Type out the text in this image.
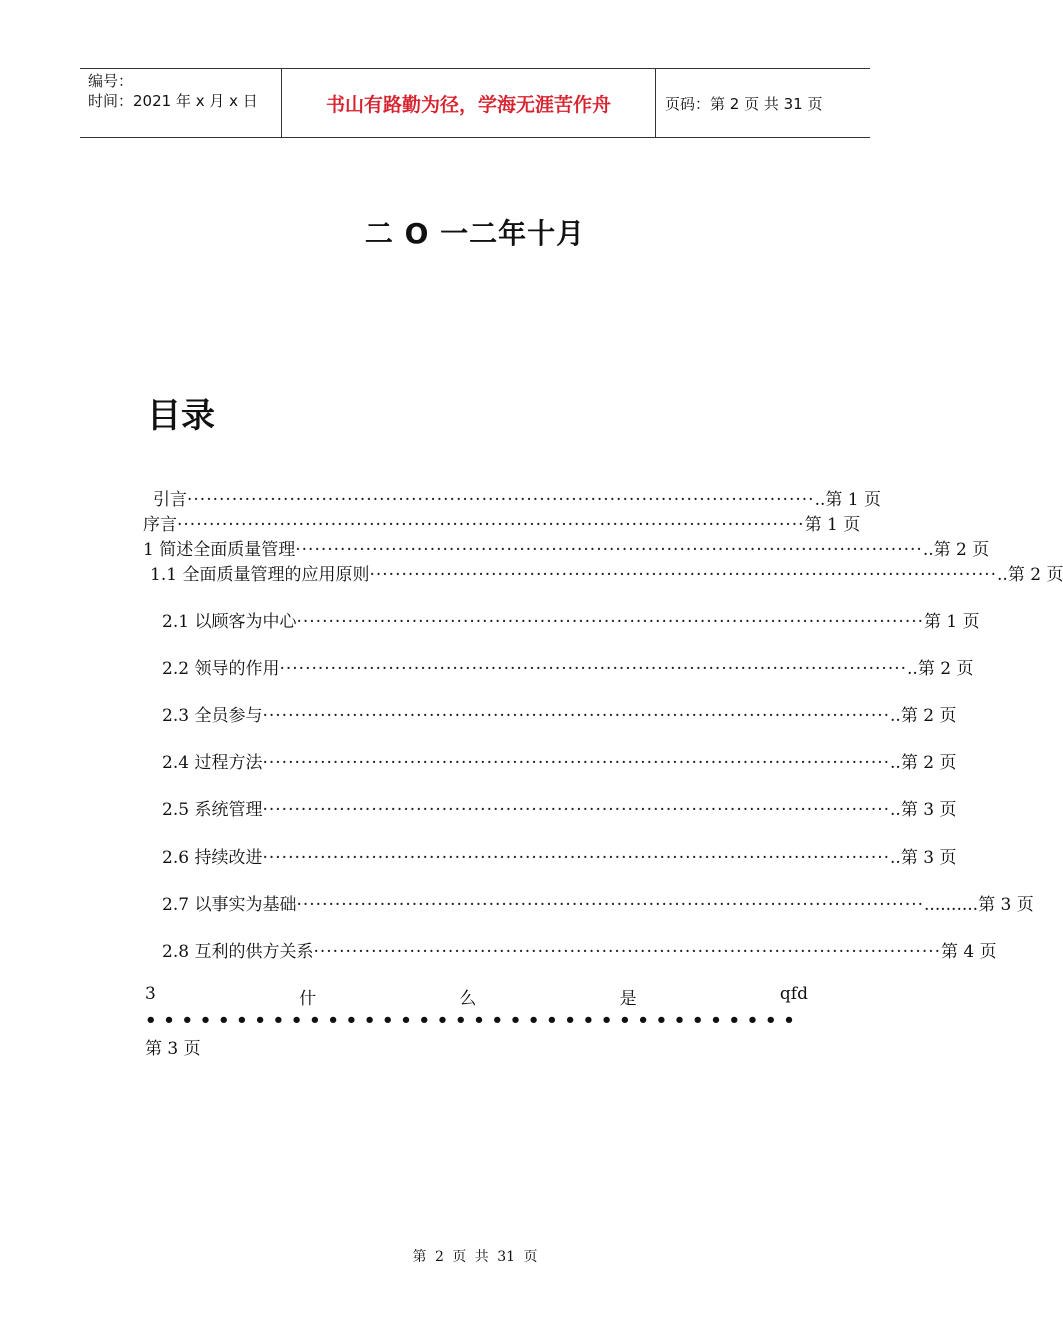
编号：
时间：2021 年 x 月 x 日	书山有路勤为径，学海无涯苦作舟	页码：第 2 页 共 31 页
二 O 一二年十月
目录
引言 ·································································································· ..第 1 页
序言 ·································································································· 第 1 页
1 简述全面质量管理 ·································································································· ..第 2 页
1.1 全面质量管理的应用原则 ·································································································· ..第 2 页
2.1 以顾客为中心 ·································································································· 第 1 页
2.2 领导的作用 ·································································································· ..第 2 页
2.3 全员参与 ·································································································· ..第 2 页
2.4 过程方法 ·································································································· ..第 2 页
2.5 系统管理 ·································································································· ..第 3 页
2.6 持续改进 ·································································································· ..第 3 页
2.7 以事实为基础 ·································································································· ..........第 3 页
2.8 互利的供方关系 ·································································································· 第 4 页
3	什	么	是	qfd
• • • • • • • • • • • • • • • • • • • • • • • • • • • • • • • • • • • •
第 3 页
第 2 页 共 31 页
